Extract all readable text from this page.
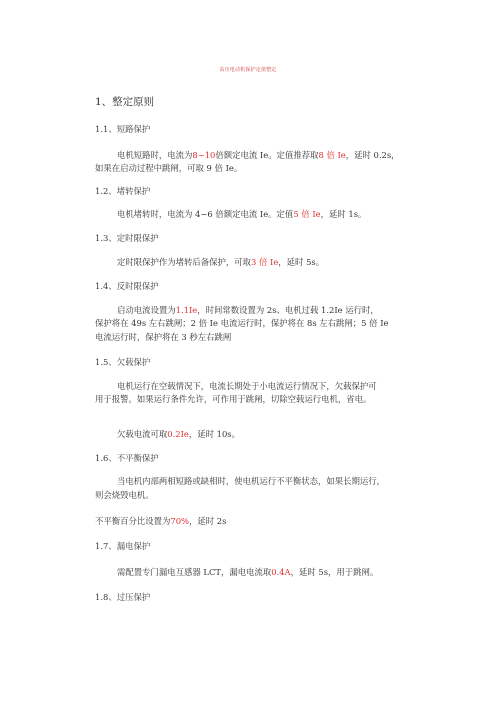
高压电动机保护定值整定
1、整定原则
1.1、短路保护
电机短路时，电流为8~10倍额定电流 Ie。定值推荐取8 倍 Ie，延时 0.2s，
如果在启动过程中跳闸，可取 9 倍 Ie。
1.2、堵转保护
电机堵转时，电流为 4~6 倍额定电流 Ie。定值5 倍 Ie，延时 1s。
1.3、定时限保护
定时限保护作为堵转后备保护，可取3 倍 Ie，延时 5s。
1.4、反时限保护
启动电流设置为1.1Ie，时间常数设置为 2s、电机过载 1.2Ie 运行时，
保护将在 49s 左右跳闸；2 倍 Ie 电流运行时，保护将在 8s 左右跳闸；5 倍 Ie
电流运行时，保护将在 3 秒左右跳闸
1.5、欠载保护
电机运行在空载情况下，电流长期处于小电流运行情况下，欠载保护可
用于报警。如果运行条件允许，可作用于跳闸，切除空载运行电机，省电。
欠载电流可取0.2Ie，延时 10s。
1.6、不平衡保护
当电机内部两相短路或缺相时，使电机运行不平衡状态，如果长期运行，
则会烧毁电机。
不平衡百分比设置为70%，延时 2s
1.7、漏电保护
需配置专门漏电互感器 LCT，漏电电流取0.4A，延时 5s，用于跳闸。
1.8、过压保护
